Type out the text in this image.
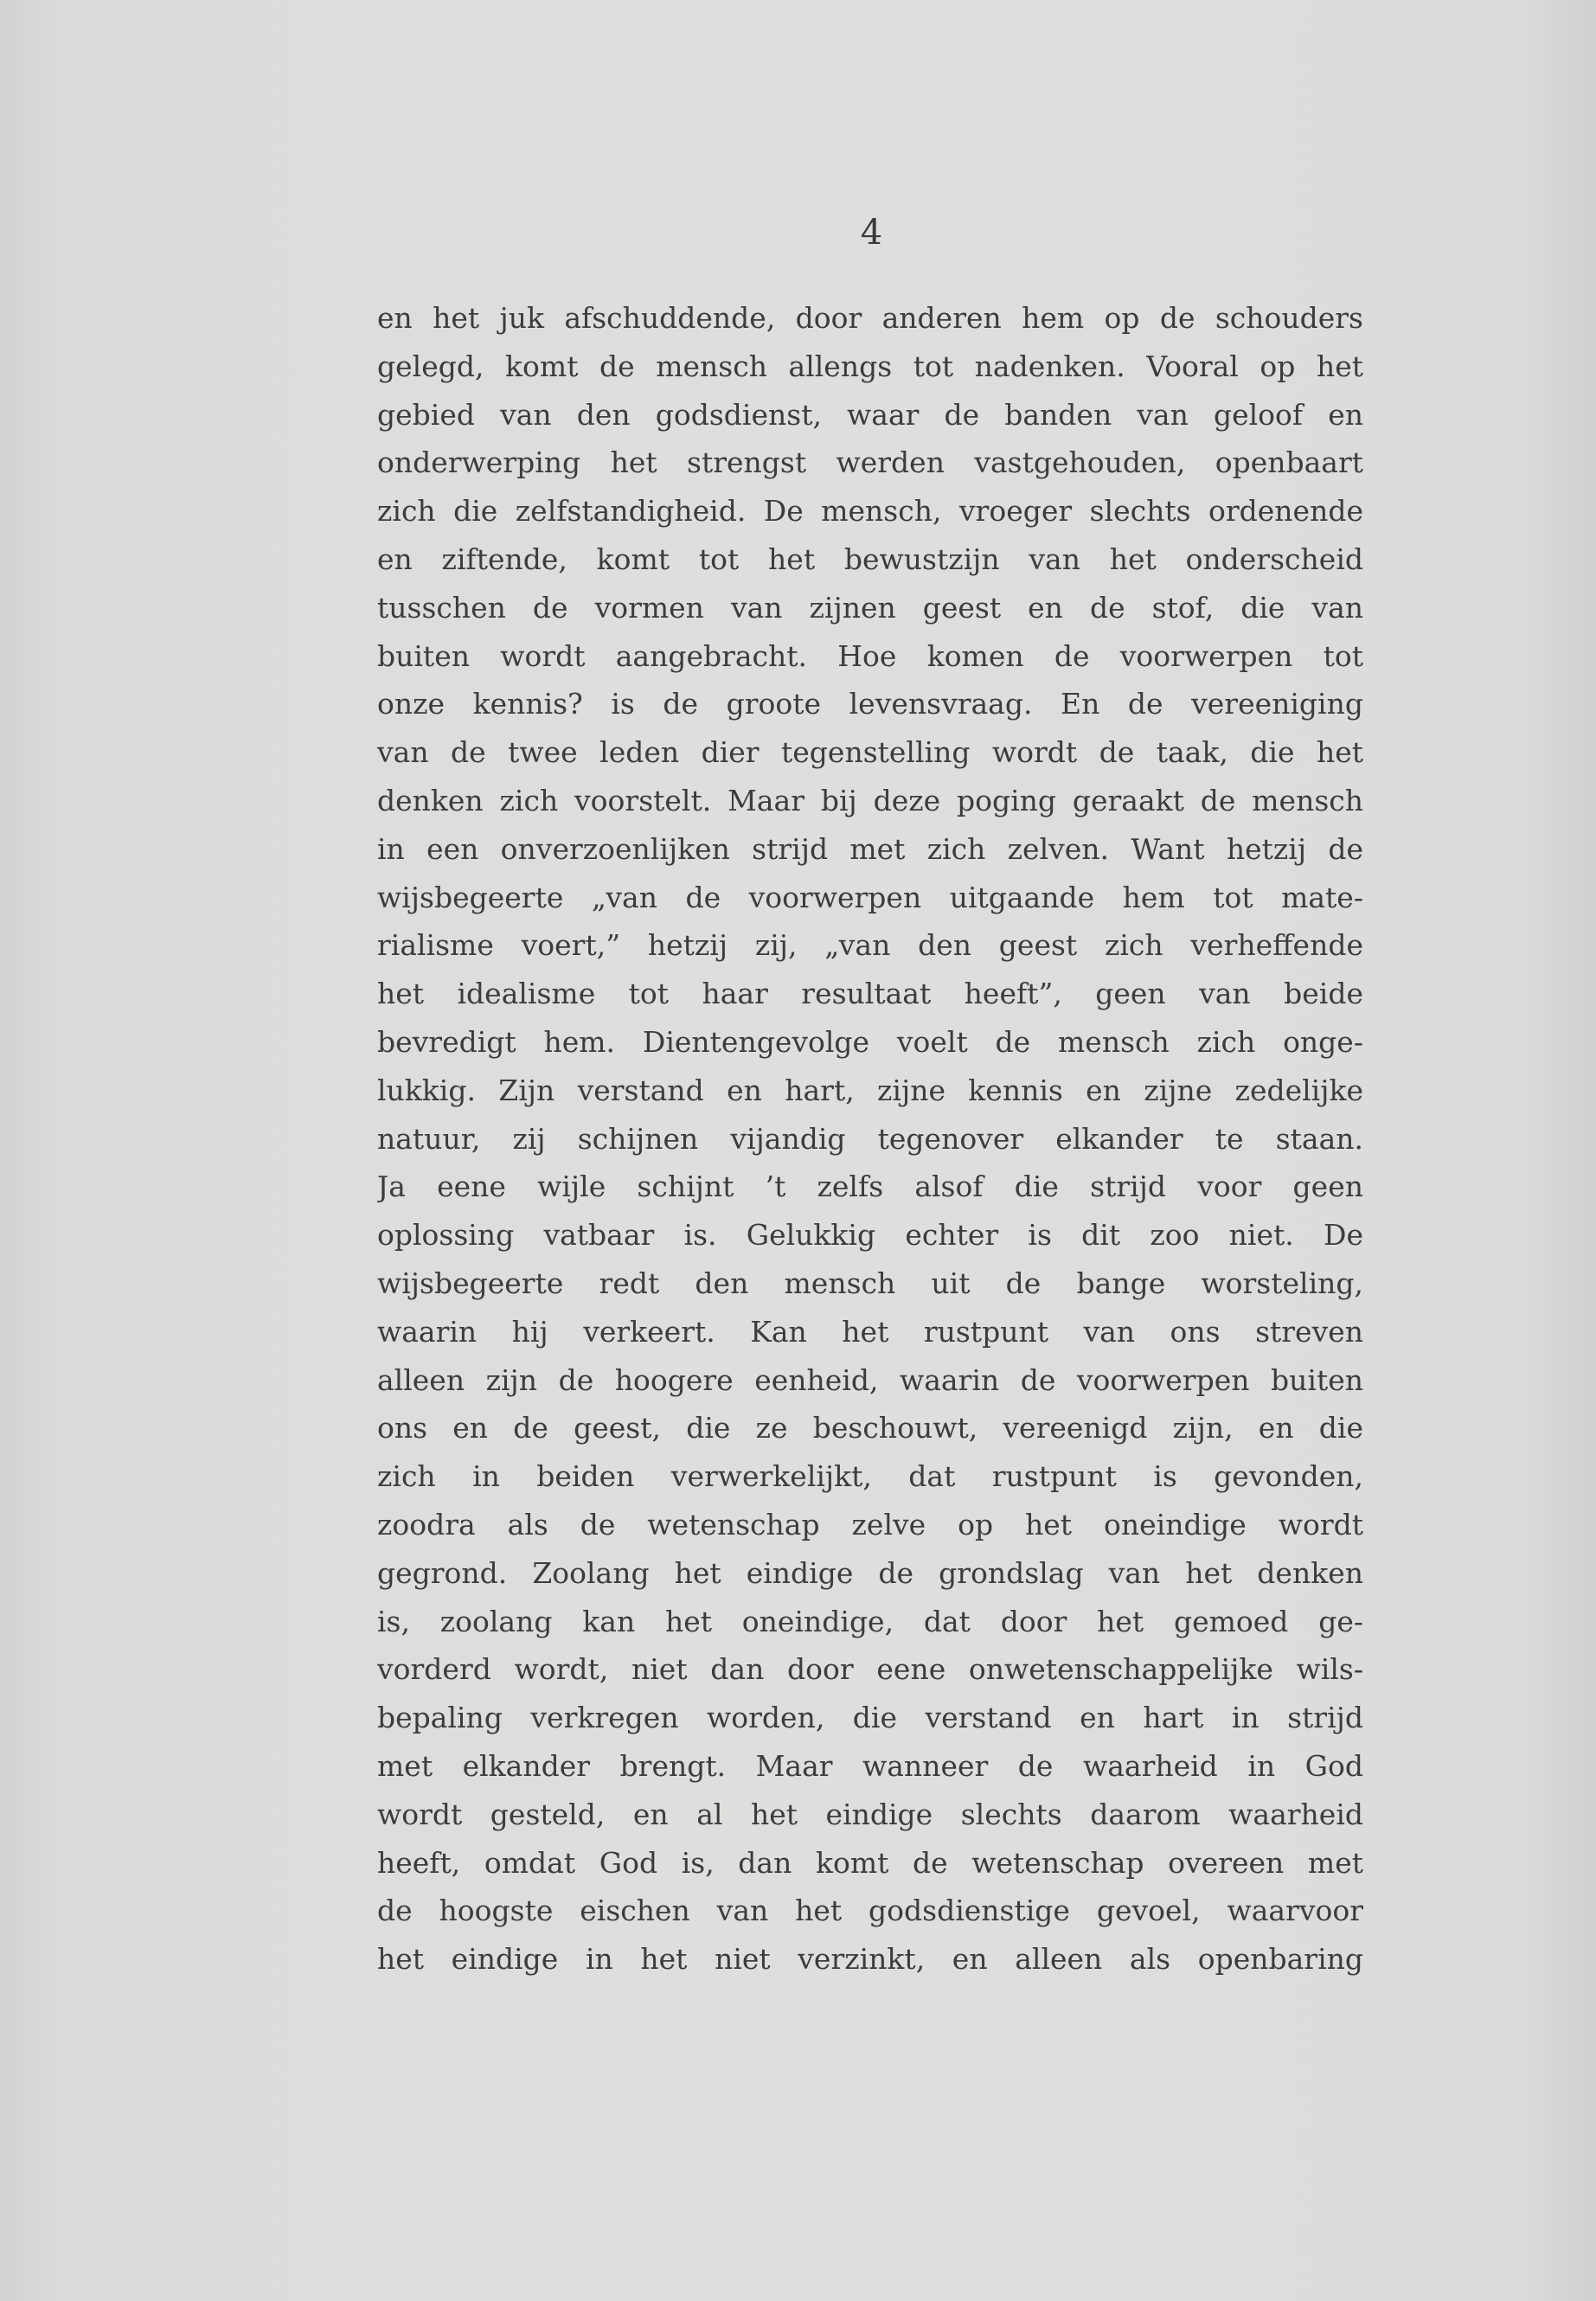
4
en het juk afschuddende, door anderen hem op de schouders
gelegd, komt de mensch allengs tot nadenken. Vooral op het
gebied van den godsdienst, waar de banden van geloof en
onderwerping het strengst werden vastgehouden, openbaart
zich die zelfstandigheid. De mensch, vroeger slechts ordenende
en ziftende, komt tot het bewustzijn van het onderscheid
tusschen de vormen van zijnen geest en de stof, die van
buiten wordt aangebracht. Hoe komen de voorwerpen tot
onze kennis? is de groote levensvraag. En de vereeniging
van de twee leden dier tegenstelling wordt de taak, die het
denken zich voorstelt. Maar bij deze poging geraakt de mensch
in een onverzoenlijken strijd met zich zelven. Want hetzij de
wijsbegeerte „van de voorwerpen uitgaande hem tot mate-
rialisme voert,” hetzij zij, „van den geest zich verheffende
het idealisme tot haar resultaat heeft”, geen van beide
bevredigt hem. Dientengevolge voelt de mensch zich onge-
lukkig. Zijn verstand en hart, zijne kennis en zijne zedelijke
natuur, zij schijnen vijandig tegenover elkander te staan.
Ja eene wijle schijnt ’t zelfs alsof die strijd voor geen
oplossing vatbaar is. Gelukkig echter is dit zoo niet. De
wijsbegeerte redt den mensch uit de bange worsteling,
waarin hij verkeert. Kan het rustpunt van ons streven
alleen zijn de hoogere eenheid, waarin de voorwerpen buiten
ons en de geest, die ze beschouwt, vereenigd zijn, en die
zich in beiden verwerkelijkt, dat rustpunt is gevonden,
zoodra als de wetenschap zelve op het oneindige wordt
gegrond. Zoolang het eindige de grondslag van het denken
is, zoolang kan het oneindige, dat door het gemoed ge-
vorderd wordt, niet dan door eene onwetenschappelijke wils-
bepaling verkregen worden, die verstand en hart in strijd
met elkander brengt. Maar wanneer de waarheid in God
wordt gesteld, en al het eindige slechts daarom waarheid
heeft, omdat God is, dan komt de wetenschap overeen met
de hoogste eischen van het godsdienstige gevoel, waarvoor
het eindige in het niet verzinkt, en alleen als openbaring
